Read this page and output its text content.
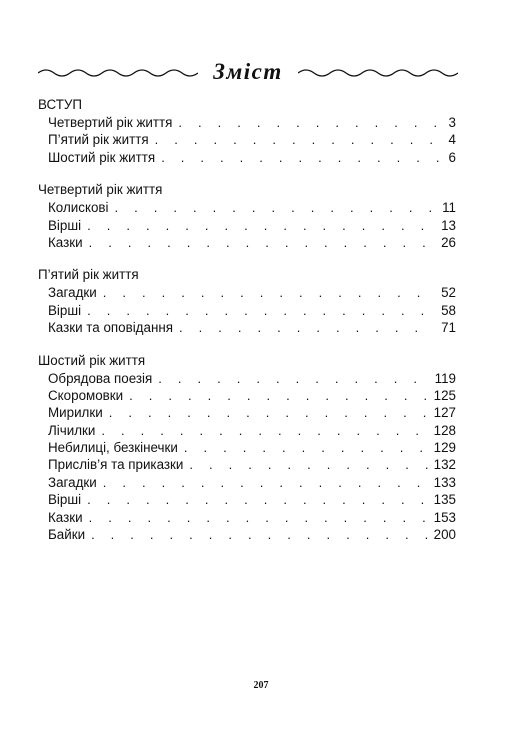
Зміст
ВСТУП
Четвертий рік життя . . .	3
П’ятий рік життя . . .	4
Шостий рік життя . . .	6
Четвертий рік життя
Колискові . . .	11
Вірші . . .	13
Казки . . .	26
П’ятий рік життя
Загадки . . .	52
Вірші . . .	58
Казки та оповідання . . .	71
Шостий рік життя
Обрядова поезія . . .	119
Скоромовки . . .	125
Мирилки . . .	127
Лічилки . . .	128
Небилиці, безкінечки . . .	129
Прислів’я та приказки . . .	132
Загадки . . .	133
Вірші . . .	135
Казки . . .	153
Байки . . .	200
207
